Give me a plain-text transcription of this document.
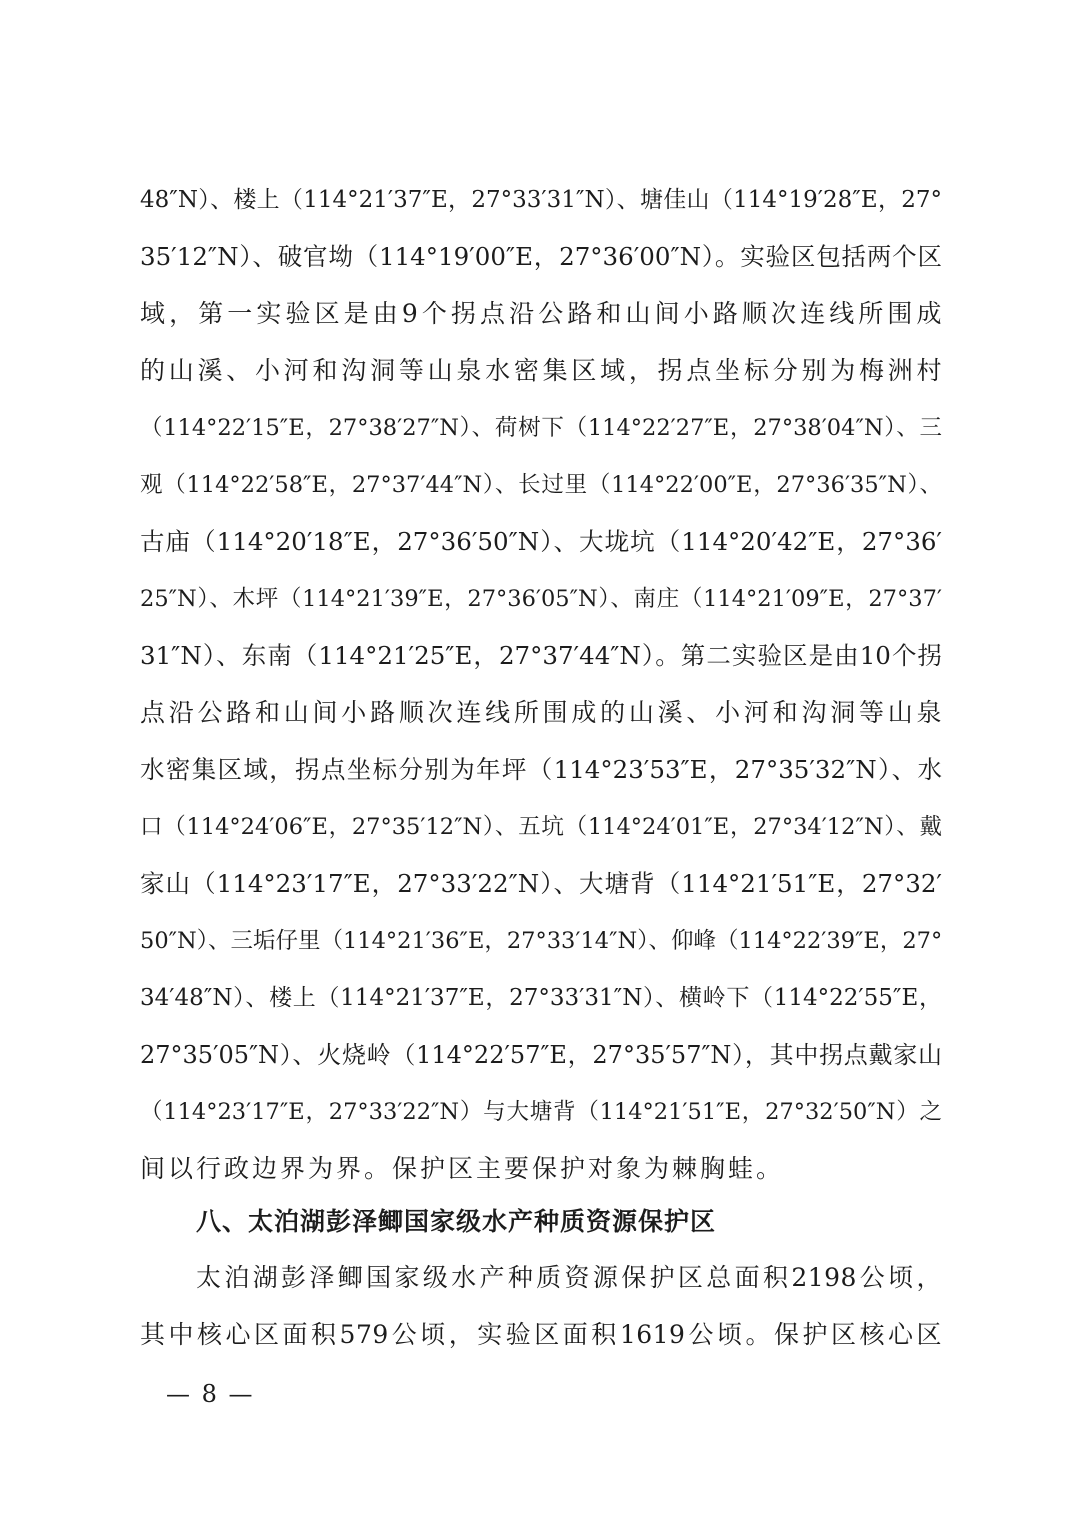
48″N）、楼上（114°21′37″E，27°33′31″N）、塘佳山（114°19′28″E，27°
35′12″N）、破官坳（114°19′00″E，27°36′00″N）。实验区包括两个区
域，第一实验区是由9个拐点沿公路和山间小路顺次连线所围成
的山溪、小河和沟洞等山泉水密集区域，拐点坐标分别为梅洲村
（114°22′15″E，27°38′27″N）、荷树下（114°22′27″E，27°38′04″N）、三
观（114°22′58″E，27°37′44″N）、长过里（114°22′00″E，27°36′35″N）、
古庙（114°20′18″E，27°36′50″N）、大垅坑（114°20′42″E，27°36′
25″N）、木坪（114°21′39″E，27°36′05″N）、南庄（114°21′09″E，27°37′
31″N）、东南（114°21′25″E，27°37′44″N）。第二实验区是由10个拐
点沿公路和山间小路顺次连线所围成的山溪、小河和沟洞等山泉
水密集区域，拐点坐标分别为年坪（114°23′53″E，27°35′32″N）、水
口（114°24′06″E，27°35′12″N）、五坑（114°24′01″E，27°34′12″N）、戴
家山（114°23′17″E，27°33′22″N）、大塘背（114°21′51″E，27°32′
50″N）、三垢仔里（114°21′36″E，27°33′14″N）、仰峰（114°22′39″E，27°
34′48″N）、楼上（114°21′37″E，27°33′31″N）、横岭下（114°22′55″E，
27°35′05″N）、火烧岭（114°22′57″E，27°35′57″N），其中拐点戴家山
（114°23′17″E，27°33′22″N）与大塘背（114°21′51″E，27°32′50″N）之
间以行政边界为界。保护区主要保护对象为棘胸蛙。
八、太泊湖彭泽鲫国家级水产种质资源保护区
太泊湖彭泽鲫国家级水产种质资源保护区总面积2198公顷，
其中核心区面积579公顷，实验区面积1619公顷。保护区核心区
— 8 —
